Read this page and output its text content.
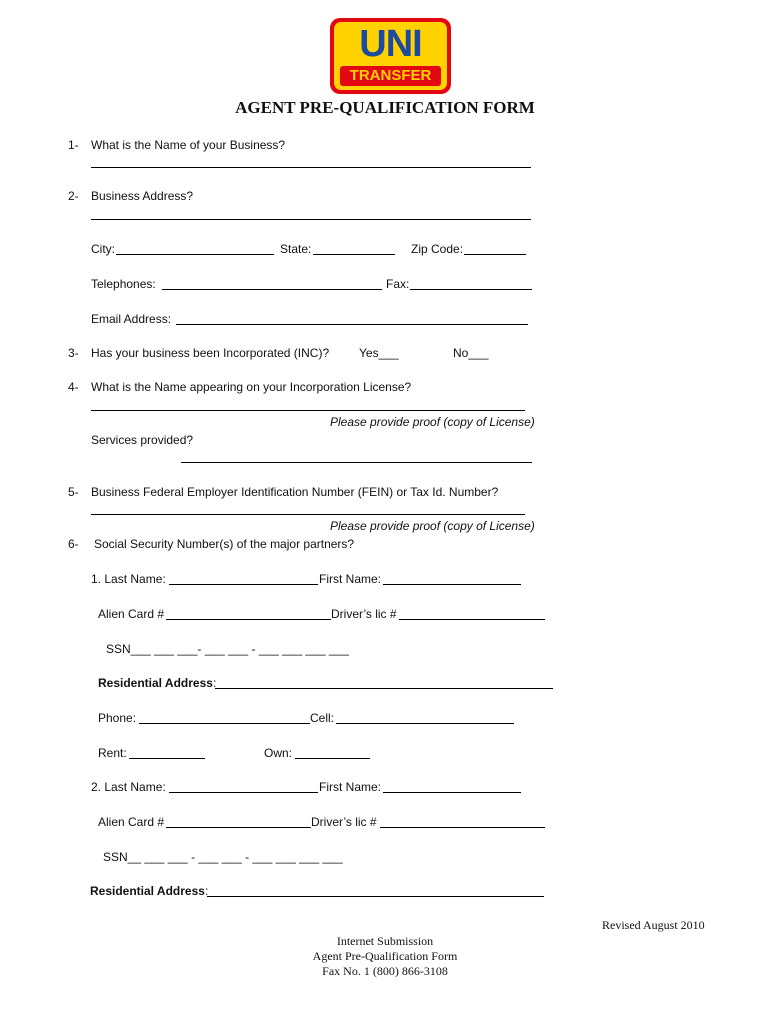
UNI
TRANSFER
AGENT PRE-QUALIFICATION FORM
1- What is the Name of your Business?
2- Business Address?
City:	State:	Zip Code:
Telephones:	Fax:
Email Address:
3- Has your business been Incorporated (INC)? Yes___	No___
4- What is the Name appearing on your Incorporation License?
Please provide proof (copy of License)
Services provided?
5- Business Federal Employer Identification Number (FEIN) or Tax Id. Number?
Please provide proof (copy of License)
6- Social Security Number(s) of the major partners?
1. Last Name:	First Name:
Alien Card #	Driver’s lic #
SSN___ ___ ___- ___ ___ - ___ ___ ___ ___
Residential Address:
Phone:	Cell:
Rent:	Own:
2. Last Name:	First Name:
Alien Card #	Driver’s lic #
SSN__ ___ ___ - ___ ___ - ___ ___ ___ ___
Residential Address:
Revised August 2010
Internet Submission
Agent Pre-Qualification Form
Fax No. 1 (800) 866-3108
